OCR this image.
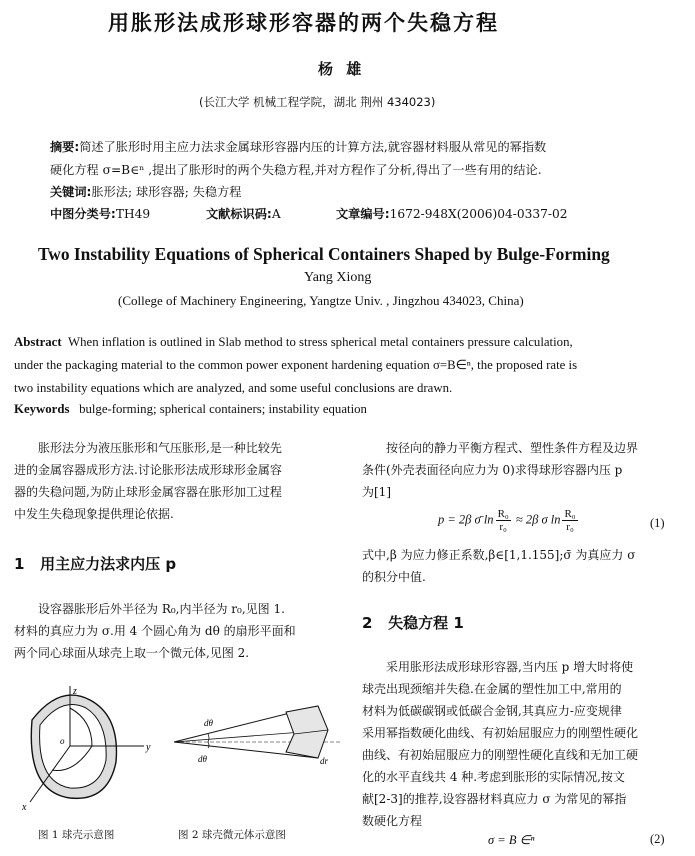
用胀形法成形球形容器的两个失稳方程
杨 雄
(长江大学 机械工程学院，湖北 荆州 434023)
摘要:简述了胀形时用主应力法求金属球形容器内压的计算方法,就容器材料服从常见的幂指数
硬化方程 σ=B∈ⁿ ,提出了胀形时的两个失稳方程,并对方程作了分析,得出了一些有用的结论.
关键词:胀形法; 球形容器; 失稳方程
中图分类号:TH49	文献标识码:A	文章编号:1672-948X(2006)04-0337-02
Two Instability Equations of Spherical Containers Shaped by Bulge-Forming
Yang Xiong
(College of Machinery Engineering, Yangtze Univ. , Jingzhou 434023, China)
Abstract When inflation is outlined in Slab method to stress spherical metal containers pressure calculation,
under the packaging material to the common power exponent hardening equation σ=B∈ⁿ, the proposed rate is
two instability equations which are analyzed, and some useful conclusions are drawn.
Keywords bulge-forming; spherical containers; instability equation
胀形法分为液压胀形和气压胀形,是一种比较先
进的金属容器成形方法.讨论胀形法成形球形金属容
器的失稳问题,为防止球形金属容器在胀形加工过程
中发生失稳现象提供理论依据.
1 用主应力法求内压 p
设容器胀形后外半径为 R₀,内半径为 r₀,见图 1.
材料的真应力为 σ.用 4 个圆心角为 dθ 的扇形平面和
两个同心球面从球壳上取一个微元体,见图 2.
z
o
y
x
dθ
dθ	dr
图 1 球壳示意图	图 2 球壳微元体示意图
按径向的静力平衡方程式、塑性条件方程及边界
条件(外壳表面径向应力为 0)求得球形容器内压 p
为[1]
p = 2β σ̄ $\ln \frac{\text{R₀}}{\text{r₀}} \approx 2\beta$ σ $\ln \frac{\text{R₀}}{\text{r₀}}$	(1)
式中,β 为应力修正系数,β∈[1,1.155];σ̄ 为真应力 σ
的积分中值.
2 失稳方程 1
采用胀形法成形球形容器,当内压 p 增大时将使
球壳出现颈缩并失稳.在金属的塑性加工中,常用的
材料为低碳碳钢或低碳合金钢,其真应力-应变规律
采用幂指数硬化曲线、有初始屈服应力的刚塑性硬化
曲线、有初始屈服应力的刚塑性硬化直线和无加工硬
化的水平直线共 4 种.考虑到胀形的实际情况,按文
献[2-3]的推荐,设容器材料真应力 σ 为常见的幂指
数硬化方程
σ = B ∈ⁿ	(2)
